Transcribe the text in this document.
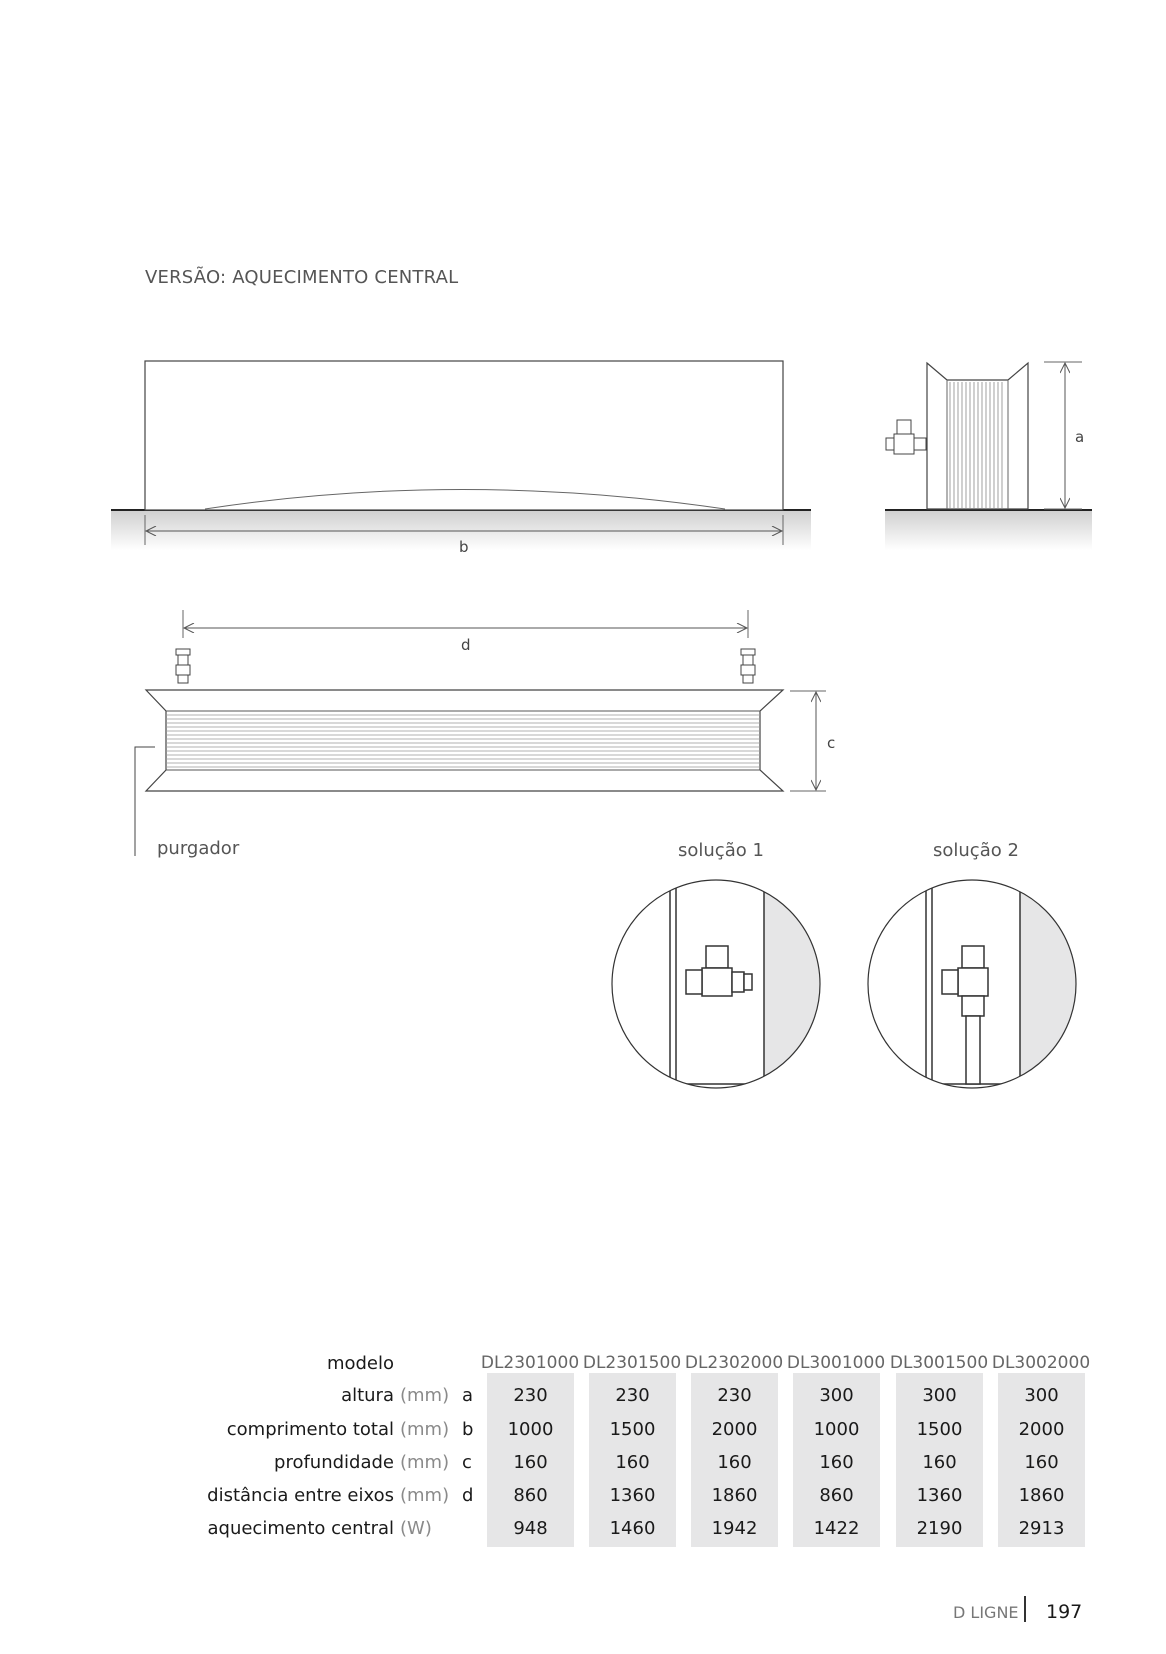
VERSÃO: AQUECIMENTO CENTRAL
a
b
c
d
purgador	solução 1	solução 2
modelo	DL2301000 DL2301500 DL2302000 DL3001000 DL3001500 DL3002000
altura (mm) a	230	230	230	300	300	300
comprimento total (mm) b	1000	1500	2000	1000	1500	2000
profundidade (mm) c	160	160	160	160	160	160
distância entre eixos (mm) d	860	1360	1860	860	1360	1860
aquecimento central (W)	948	1460	1942	1422	2190	2913
D LIGNE 197
